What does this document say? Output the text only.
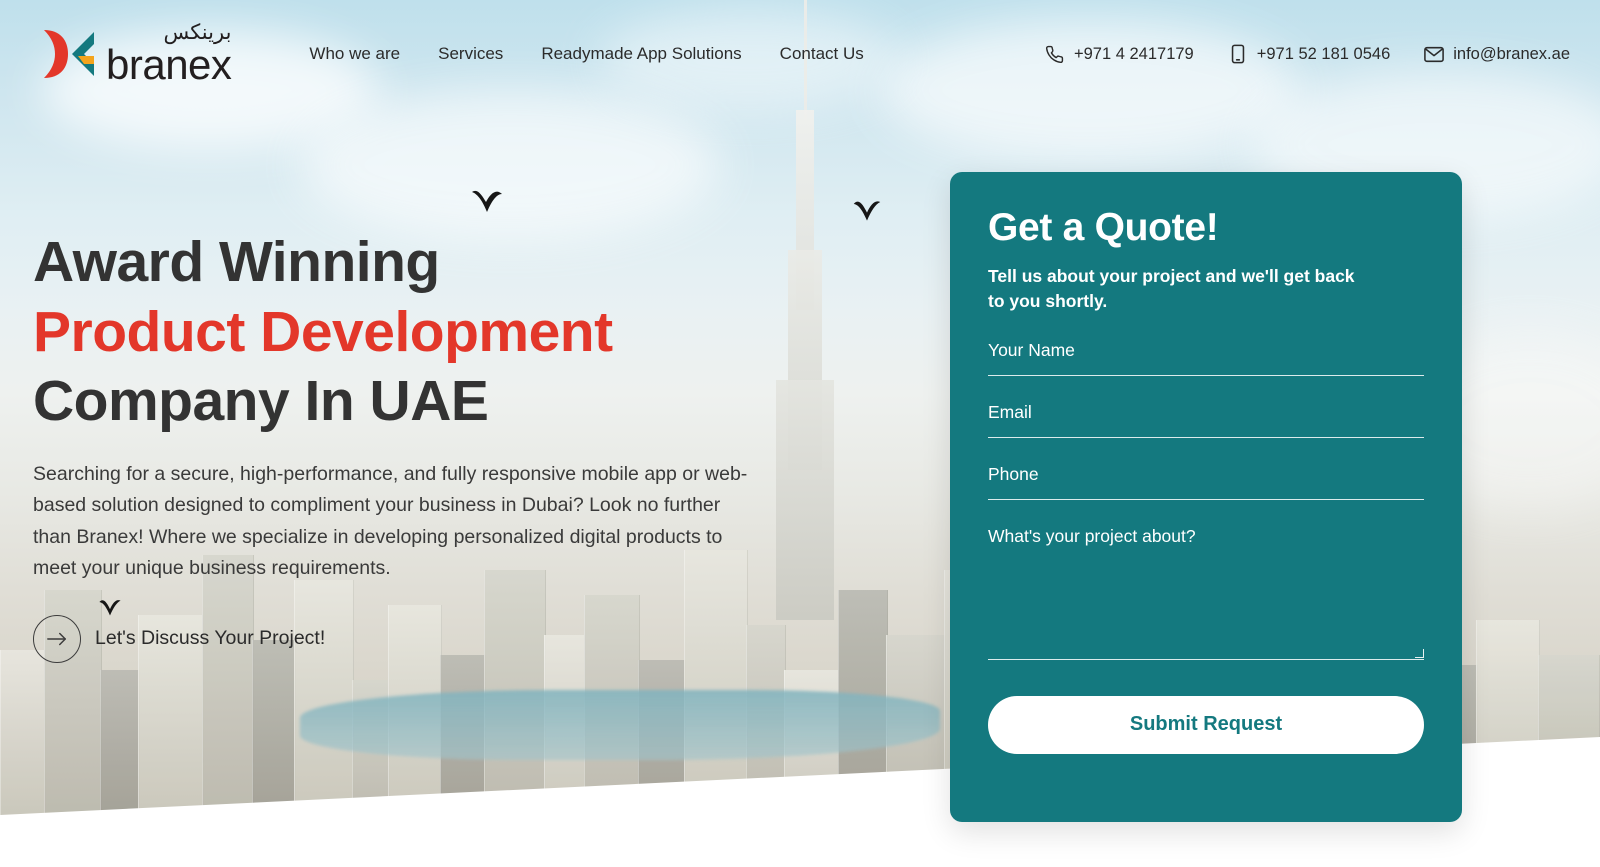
برينكس
branex	Who we are Services Readymade App Solutions Contact Us	+971 4 2417179	+971 52 181 0546	info@branex.ae
Award Winning
Product Development
Company In UAE

Searching for a secure, high-performance, and fully responsive mobile app or web-based solution designed to compliment your business in Dubai? Look no further than Branex! Where we specialize in developing personalized digital products to meet your unique business requirements.

Let's Discuss Your Project!
Get a Quote!
Tell us about your project and we'll get back to you shortly.
Your Name
Email
Phone
What's your project about?
Submit Request
